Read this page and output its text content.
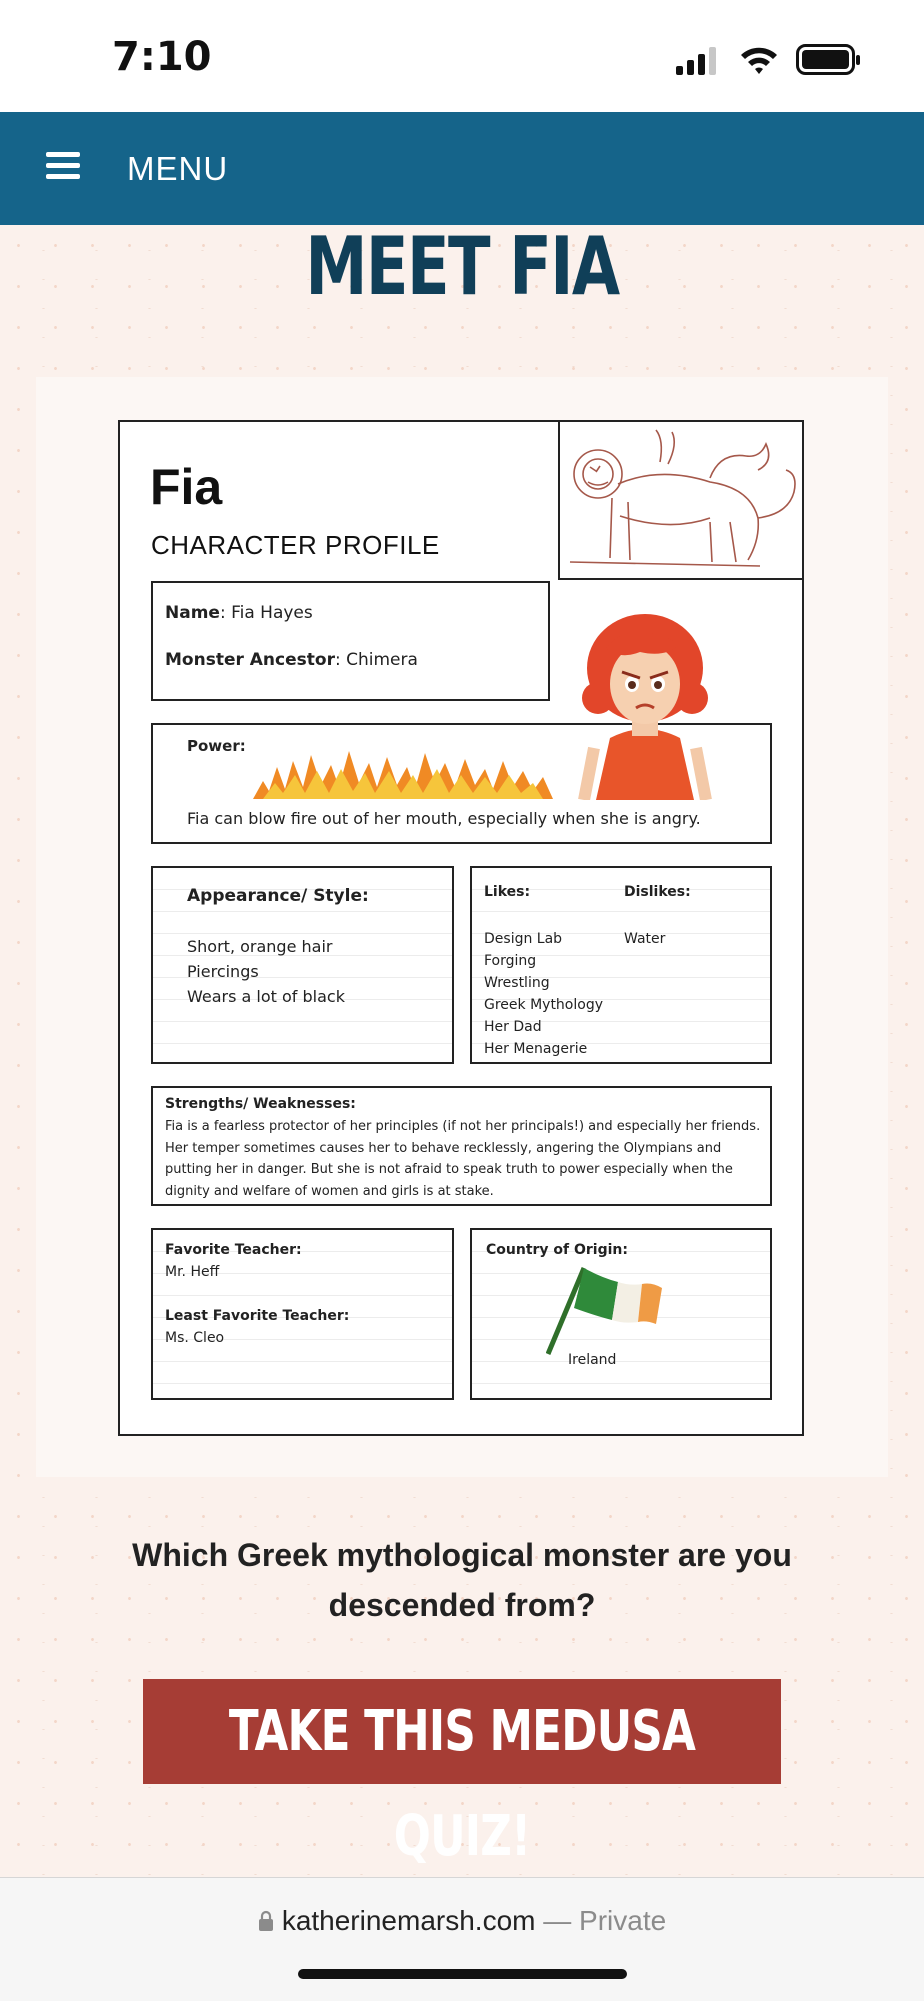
7:10
MENU
MEET FIA
Fia
CHARACTER PROFILE
Name: Fia Hayes
Monster Ancestor: Chimera
Power:
Fia can blow fire out of her mouth, especially when she is angry.
Appearance/ Style:
Short, orange hair
Piercings
Wears a lot of black
Likes:	Dislikes:
Design Lab
Forging
Wrestling
Greek Mythology
Her Dad
Her Menagerie
Water
Strengths/ Weaknesses:
Fia is a fearless protector of her principles (if not her principals!) and especially her friends. Her temper sometimes causes her to behave recklessly, angering the Olympians and putting her in danger. But she is not afraid to speak truth to power especially when the dignity and welfare of women and girls is at stake.
Favorite Teacher:
Mr. Heff
Least Favorite Teacher:
Ms. Cleo
Country of Origin:
Ireland
Which Greek mythological monster are you descended from?
TAKE THIS MEDUSA QUIZ!
katherinemarsh.com — Private
